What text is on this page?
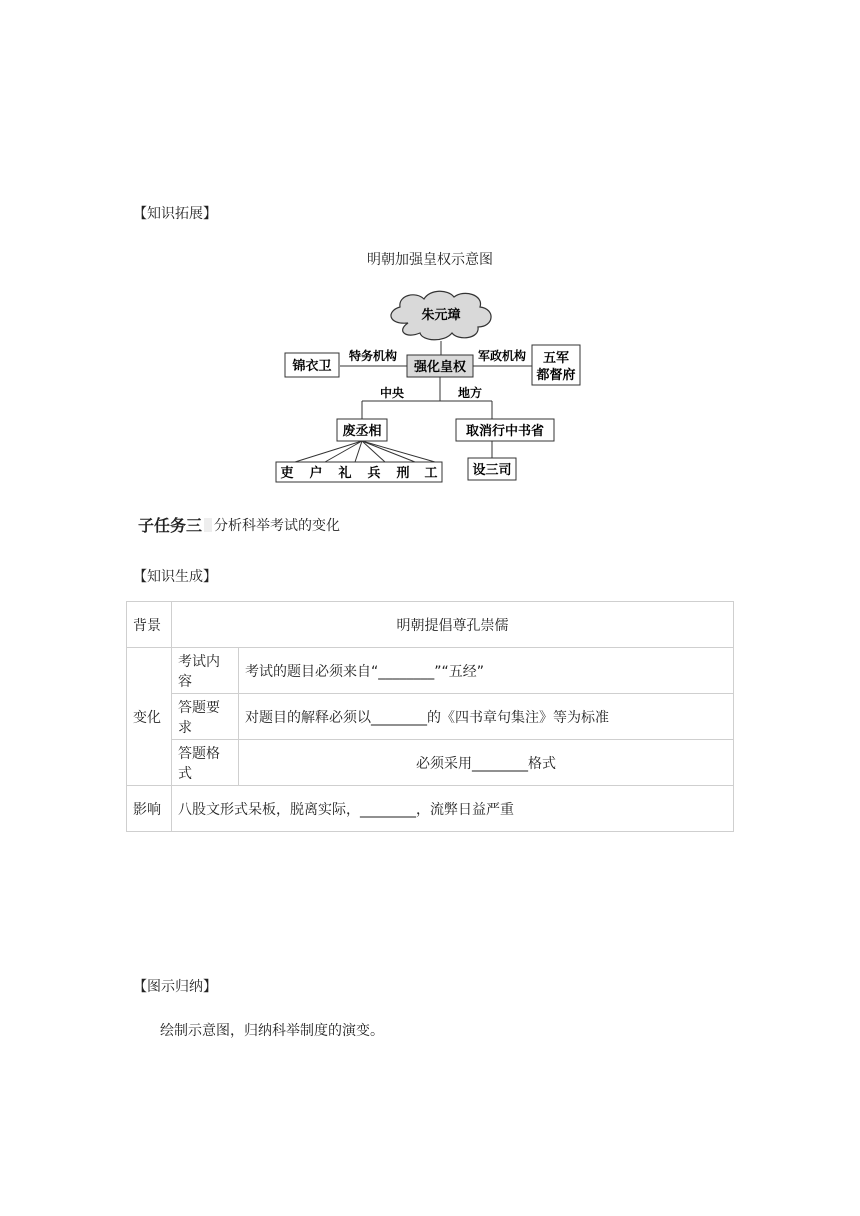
【知识拓展】
明朝加强皇权示意图
朱元璋
强化皇权
锦衣卫
特务机构	五军
都督府
军政机构
中央	地方
废丞相	取消行中书省
设三司
吏 户 礼 兵 刑 工
子任务三 分析科举考试的变化
【知识生成】
背景	明朝提倡尊孔崇儒	
变化	考试内容	考试的题目必须来自“________”“五经”
	答题要求	对题目的解释必须以________的《四书章句集注》等为标准
	答题格式	必须采用________格式
影响	八股文形式呆板，脱离实际，________，流弊日益严重	
【图示归纳】
绘制示意图，归纳科举制度的演变。
